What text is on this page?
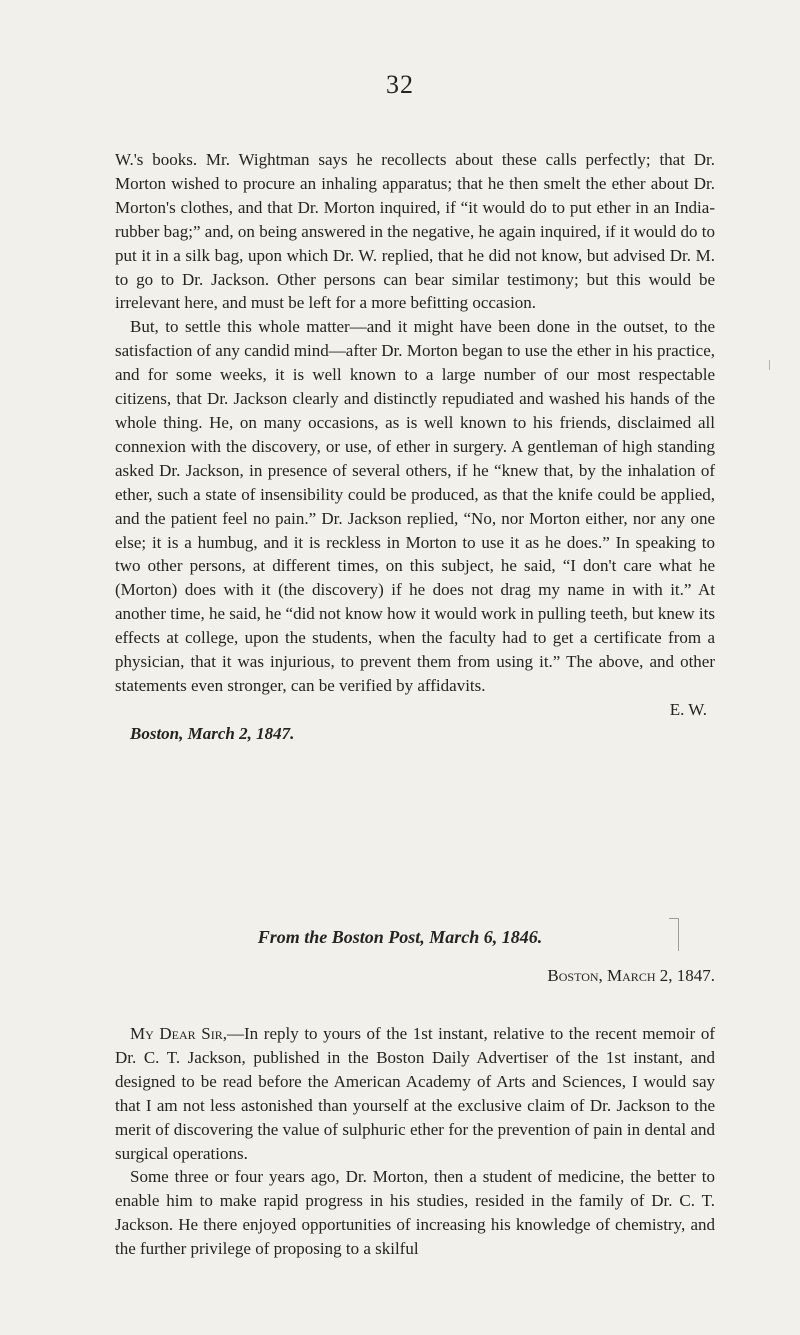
32

W.'s books. Mr. Wightman says he recollects about these calls perfectly; that Dr. Morton wished to procure an inhaling apparatus; that he then smelt the ether about Dr. Morton's clothes, and that Dr. Morton inquired, if “it would do to put ether in an India-rubber bag;” and, on being answered in the negative, he again inquired, if it would do to put it in a silk bag, upon which Dr. W. replied, that he did not know, but advised Dr. M. to go to Dr. Jackson. Other persons can bear similar testimony; but this would be irrelevant here, and must be left for a more befitting occasion.

But, to settle this whole matter—and it might have been done in the outset, to the satisfaction of any candid mind—after Dr. Morton began to use the ether in his practice, and for some weeks, it is well known to a large number of our most respectable citizens, that Dr. Jackson clearly and distinctly repudiated and washed his hands of the whole thing. He, on many occasions, as is well known to his friends, disclaimed all connexion with the discovery, or use, of ether in surgery. A gentleman of high standing asked Dr. Jackson, in presence of several others, if he “knew that, by the inhalation of ether, such a state of insensibility could be produced, as that the knife could be applied, and the patient feel no pain.” Dr. Jackson replied, “No, nor Morton either, nor any one else; it is a humbug, and it is reckless in Morton to use it as he does.” In speaking to two other persons, at different times, on this subject, he said, “I don't care what he (Morton) does with it (the discovery) if he does not drag my name in with it.” At another time, he said, he “did not know how it would work in pulling teeth, but knew its effects at college, upon the students, when the faculty had to get a certificate from a physician, that it was injurious, to prevent them from using it.” The above, and other statements even stronger, can be verified by affidavits.

E. W.

Boston, March 2, 1847.

From the Boston Post, March 6, 1846.
Boston, March 2, 1847.

My Dear Sir,—In reply to yours of the 1st instant, relative to the recent memoir of Dr. C. T. Jackson, published in the Boston Daily Advertiser of the 1st instant, and designed to be read before the American Academy of Arts and Sciences, I would say that I am not less astonished than yourself at the exclusive claim of Dr. Jackson to the merit of discovering the value of sulphuric ether for the prevention of pain in dental and surgical operations.

Some three or four years ago, Dr. Morton, then a student of medicine, the better to enable him to make rapid progress in his studies, resided in the family of Dr. C. T. Jackson. He there enjoyed opportunities of increasing his knowledge of chemistry, and the further privilege of proposing to a skilful
